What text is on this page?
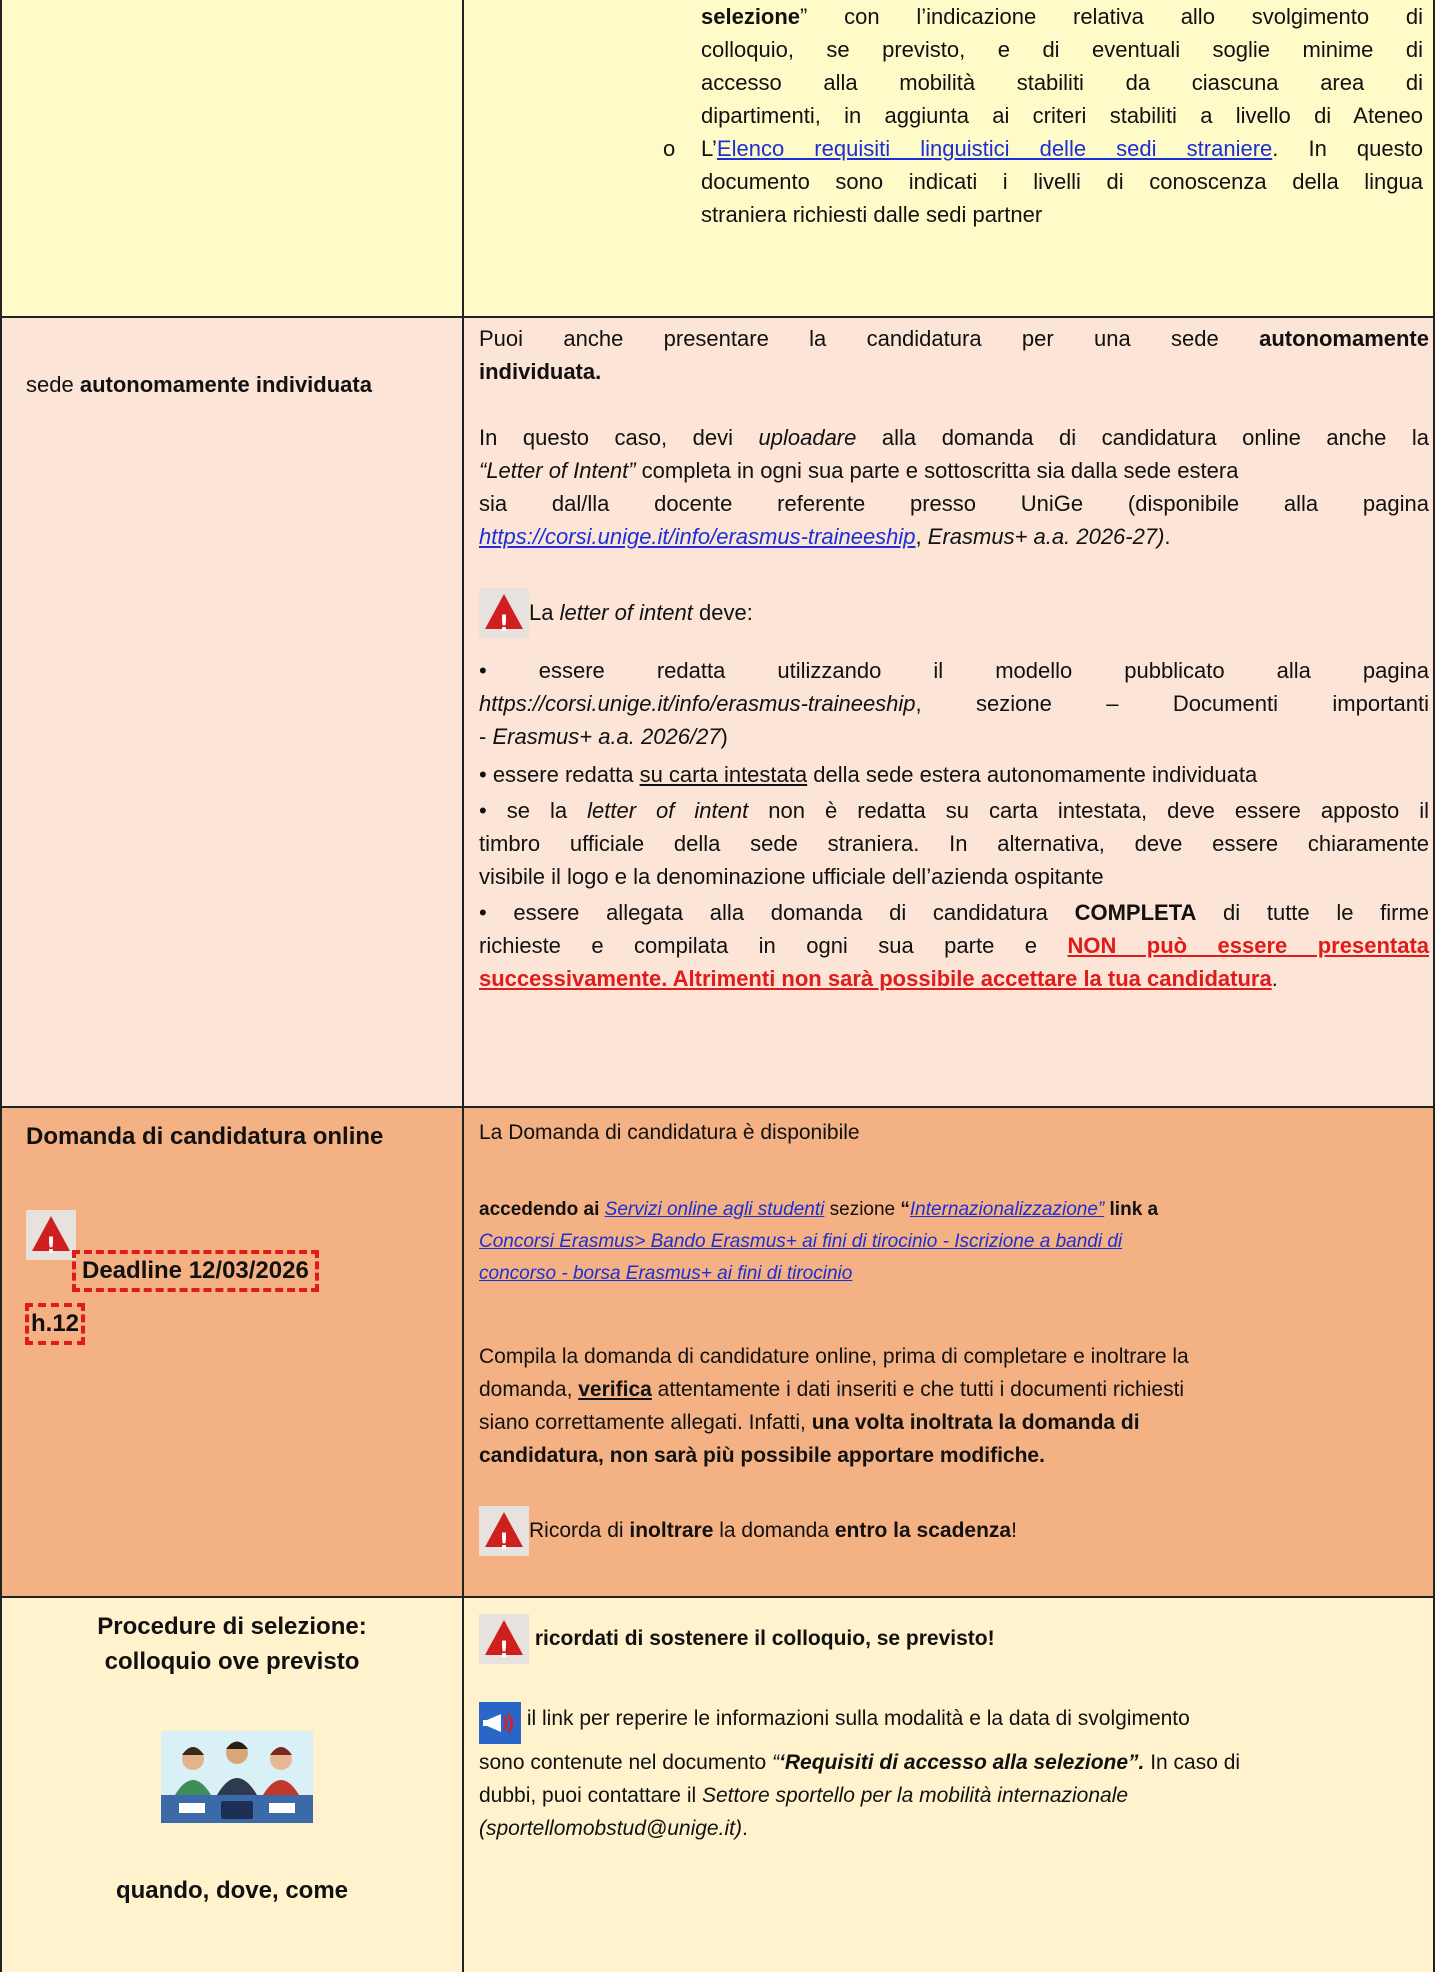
selezione” con l’indicazione relativa allo svolgimento di
colloquio, se previsto, e di eventuali soglie minime di
accesso alla mobilità stabiliti da ciascuna area di
dipartimenti, in aggiunta ai criteri stabiliti a livello di Ateneo
o L’Elenco requisiti linguistici delle sedi straniere. In questo
documento sono indicati i livelli di conoscenza della lingua
straniera richiesti dalle sedi partner
sede autonomamente individuata
Puoi anche presentare la candidatura per una sede autonomamente
individuata.
In questo caso, devi uploadare alla domanda di candidatura online anche la
“Letter of Intent” completa in ogni sua parte e sottoscritta sia dalla sede estera
sia dal/lla docente referente presso UniGe (disponibile alla pagina
https://corsi.unige.it/info/erasmus-traineeship, Erasmus+ a.a. 2026-27).
!La letter of intent deve:
• essere redatta utilizzando il modello pubblicato alla pagina
https://corsi.unige.it/info/erasmus-traineeship, sezione – Documenti importanti
- Erasmus+ a.a. 2026/27)
• essere redatta su carta intestata della sede estera autonomamente individuata
• se la letter of intent non è redatta su carta intestata, deve essere apposto il
timbro ufficiale della sede straniera. In alternativa, deve essere chiaramente
visibile il logo e la denominazione ufficiale dell’azienda ospitante
• essere allegata alla domanda di candidatura COMPLETA di tutte le firme
richieste e compilata in ogni sua parte e NON può essere presentata
successivamente. Altrimenti non sarà possibile accettare la tua candidatura.
Domanda di candidatura online
!
Deadline 12/03/2026
h.12
La Domanda di candidatura è disponibile
accedendo ai Servizi online agli studenti sezione “Internazionalizzazione” link a
Concorsi Erasmus> Bando Erasmus+ ai fini di tirocinio - Iscrizione a bandi di
concorso - borsa Erasmus+ ai fini di tirocinio
Compila la domanda di candidature online, prima di completare e inoltrare la
domanda, verifica attentamente i dati inseriti e che tutti i documenti richiesti
siano correttamente allegati. Infatti, una volta inoltrata la domanda di
candidatura, non sarà più possibile apportare modifiche.
!Ricorda di inoltrare la domanda entro la scadenza!
Procedure di selezione:
colloquio ove previsto
quando, dove, come
! ricordati di sostenere il colloquio, se previsto!
il link per reperire le informazioni sulla modalità e la data di svolgimento
sono contenute nel documento “‘Requisiti di accesso alla selezione”. In caso di
dubbi, puoi contattare il Settore sportello per la mobilità internazionale
(sportellomobstud@unige.it).
